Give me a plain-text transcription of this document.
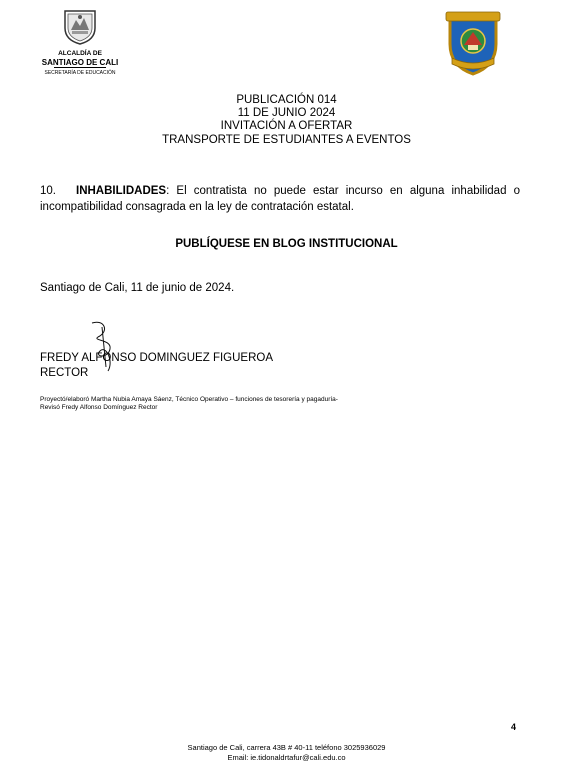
ALCALDÍA DE
SANTIAGO DE CALI
SECRETARÍA DE EDUCACIÓN
PUBLICACIÓN 014
11 DE JUNIO 2024
INVITACIÓN A OFERTAR
TRANSPORTE DE ESTUDIANTES A EVENTOS
10. INHABILIDADES: El contratista no puede estar incurso en alguna inhabilidad o incompatibilidad consagrada en la ley de contratación estatal.
PUBLÍQUESE EN BLOG INSTITUCIONAL
Santiago de Cali, 11 de junio de 2024.
FREDY ALFONSO DOMINGUEZ FIGUEROA
RECTOR
Proyectó/elaboró Martha Nubia Amaya Sáenz, Técnico Operativo – funciones de tesorería y pagaduría-
Revisó Fredy Alfonso Domínguez Rector
4
Santiago de Cali, carrera 43B # 40-11 teléfono 3025936029
Email: ie.tidonaldrtafur@cali.edu.co
